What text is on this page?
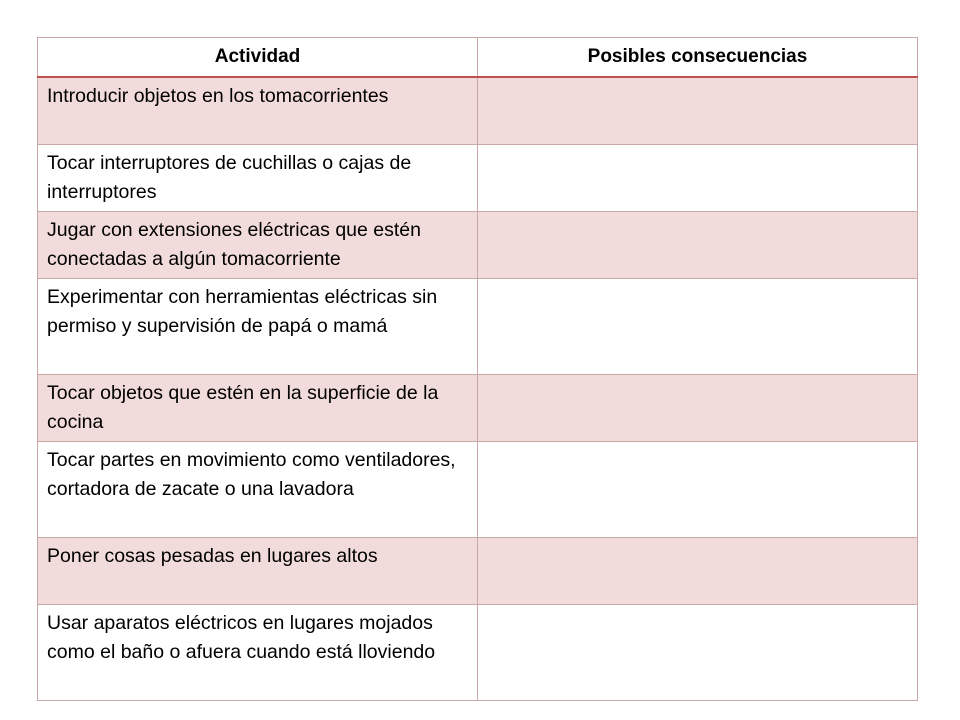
Actividad	Posibles consecuencias
Introducir objetos en los tomacorrientes	
Tocar interruptores de cuchillas o cajas de interruptores	
Jugar con extensiones eléctricas que estén conectadas a algún tomacorriente	
Experimentar con herramientas eléctricas sin permiso y supervisión de papá o mamá	
Tocar objetos que estén en la superficie de la cocina	
Tocar partes en movimiento como ventiladores, cortadora de zacate o una lavadora	
Poner cosas pesadas en lugares altos	
Usar aparatos eléctricos en lugares mojados como el baño o afuera cuando está lloviendo	
